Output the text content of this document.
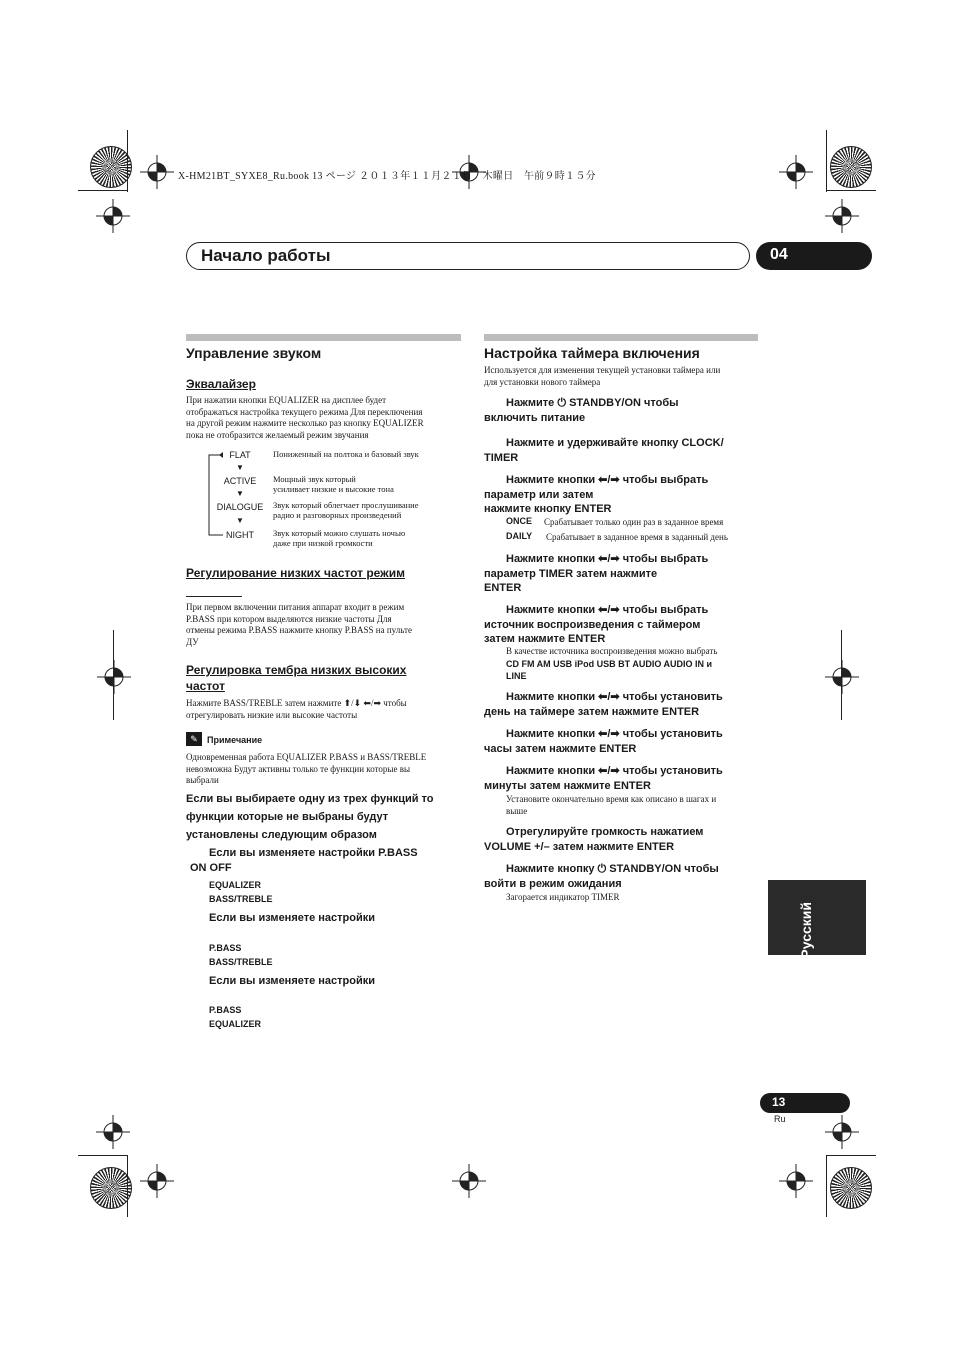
X-HM21BT_SYXE8_Ru.book 13 ページ ２０１３年１１月２１日　木曜日　午前９時１５分
Начало работы	04
Управление звуком
Эквалайзер
При нажатии кнопки EQUALIZER на дисплее будет
отображаться настройка текущего режима Для переключения
на другой режим нажмите несколько раз кнопку EQUALIZER
пока не отобразится желаемый режим звучания
FLAT
▼
ACTIVE
▼
DIALOGUE
▼
NIGHT
Пониженный на полтока и базовый звук
Мощный звук который
усиливает низкие и высокие тона
Звук который облегчает прослушивание
радио и разговорных произведений
Звук который можно слушать ночью
даже при низкой громкости
Регулирование низких частот режим
При первом включении питания аппарат входит в режим
P.BASS при котором выделяются низкие частоты Для
отмены режима P.BASS нажмите кнопку P.BASS на пульте
ДУ
Регулировка тембра низких высоких
частот
Нажмите BASS/TREBLE затем нажмите ⬆/⬇ ⬅/➡ чтобы
отрегулировать низкие или высокие частоты
✎	Примечание
Одновременная работа EQUALIZER P.BASS и BASS/TREBLE
невозможна Будут активны только те функции которые вы
выбрали
Если вы выбираете одну из трех функций то
функции которые не выбраны будут
установлены следующим образом
Если вы изменяете настройки P.BASS
ON OFF
EQUALIZER
BASS/TREBLE
Если вы изменяете настройки
P.BASS
BASS/TREBLE
Если вы изменяете настройки
P.BASS
EQUALIZER
Настройка таймера включения
Используется для изменения текущей установки таймера или
для установки нового таймера
Нажмите ⏻ STANDBY/ON чтобы
включить питание
Нажмите и удерживайте кнопку CLOCK/
TIMER
Нажмите кнопки ⬅/➡ чтобы выбрать
параметр или затем
нажмите кнопку ENTER
ONCE Срабатывает только один раз в заданное время
DAILY Срабатывает в заданное время в заданный день
Нажмите кнопки ⬅/➡ чтобы выбрать
параметр TIMER затем нажмите
ENTER
Нажмите кнопки ⬅/➡ чтобы выбрать
источник воспроизведения с таймером
затем нажмите ENTER
В качестве источника воспроизведения можно выбрать
CD FM AM USB iPod USB BT AUDIO AUDIO IN и
LINE
Нажмите кнопки ⬅/➡ чтобы установить
день на таймере затем нажмите ENTER
Нажмите кнопки ⬅/➡ чтобы установить
часы затем нажмите ENTER
Нажмите кнопки ⬅/➡ чтобы установить
минуты затем нажмите ENTER
Установите окончательно время как описано в шагах и
выше
Отрегулируйте громкость нажатием
VOLUME +/– затем нажмите ENTER
Нажмите кнопку ⏻ STANDBY/ON чтобы
войти в режим ожидания
Загорается индикатор TIMER
Русский
13
Ru
